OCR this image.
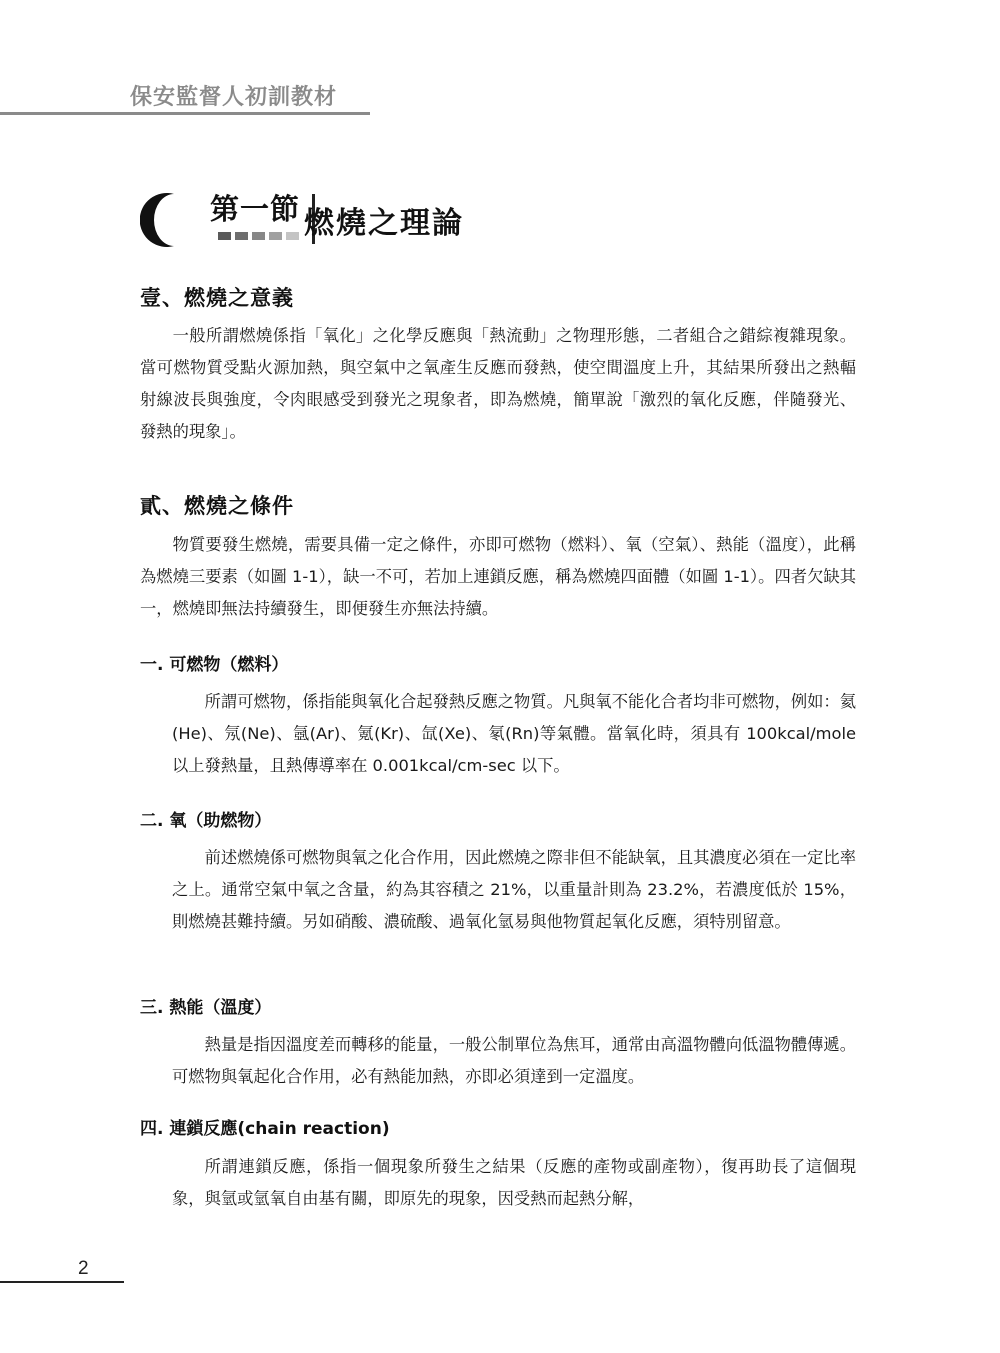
保安監督人初訓教材
第一節 燃燒之理論
壹、燃燒之意義

一般所謂燃燒係指「氧化」之化學反應與「熱流動」之物理形態，二者組合之錯綜複雜現象。當可燃物質受點火源加熱，與空氣中之氧產生反應而發熱，使空間溫度上升，其結果所發出之熱輻射線波長與強度，令肉眼感受到發光之現象者，即為燃燒，簡單說「激烈的氧化反應，伴隨發光、發熱的現象」。

貳、燃燒之條件

物質要發生燃燒，需要具備一定之條件，亦即可燃物（燃料）、氧（空氣）、熱能（溫度），此稱為燃燒三要素（如圖 1-1），缺一不可，若加上連鎖反應，稱為燃燒四面體（如圖 1-1）。四者欠缺其一，燃燒即無法持續發生，即便發生亦無法持續。

一. 可燃物（燃料）

所謂可燃物，係指能與氧化合起發熱反應之物質。凡與氧不能化合者均非可燃物，例如：氦(He)、氖(Ne)、氬(Ar)、氪(Kr)、氙(Xe)、氡(Rn)等氣體。當氧化時，須具有 100kcal/mole 以上發熱量，且熱傳導率在 0.001kcal/cm-sec 以下。

二. 氧（助燃物）

前述燃燒係可燃物與氧之化合作用，因此燃燒之際非但不能缺氧，且其濃度必須在一定比率之上。通常空氣中氧之含量，約為其容積之 21%，以重量計則為 23.2%，若濃度低於 15%，則燃燒甚難持續。另如硝酸、濃硫酸、過氧化氫易與他物質起氧化反應，須特別留意。

三. 熱能（溫度）

熱量是指因溫度差而轉移的能量，一般公制單位為焦耳，通常由高溫物體向低溫物體傳遞。可燃物與氧起化合作用，必有熱能加熱，亦即必須達到一定溫度。

四. 連鎖反應(chain reaction)

所謂連鎖反應，係指一個現象所發生之結果（反應的產物或副產物），復再助長了這個現象，與氫或氫氧自由基有關，即原先的現象，因受熱而起熱分解，

2
